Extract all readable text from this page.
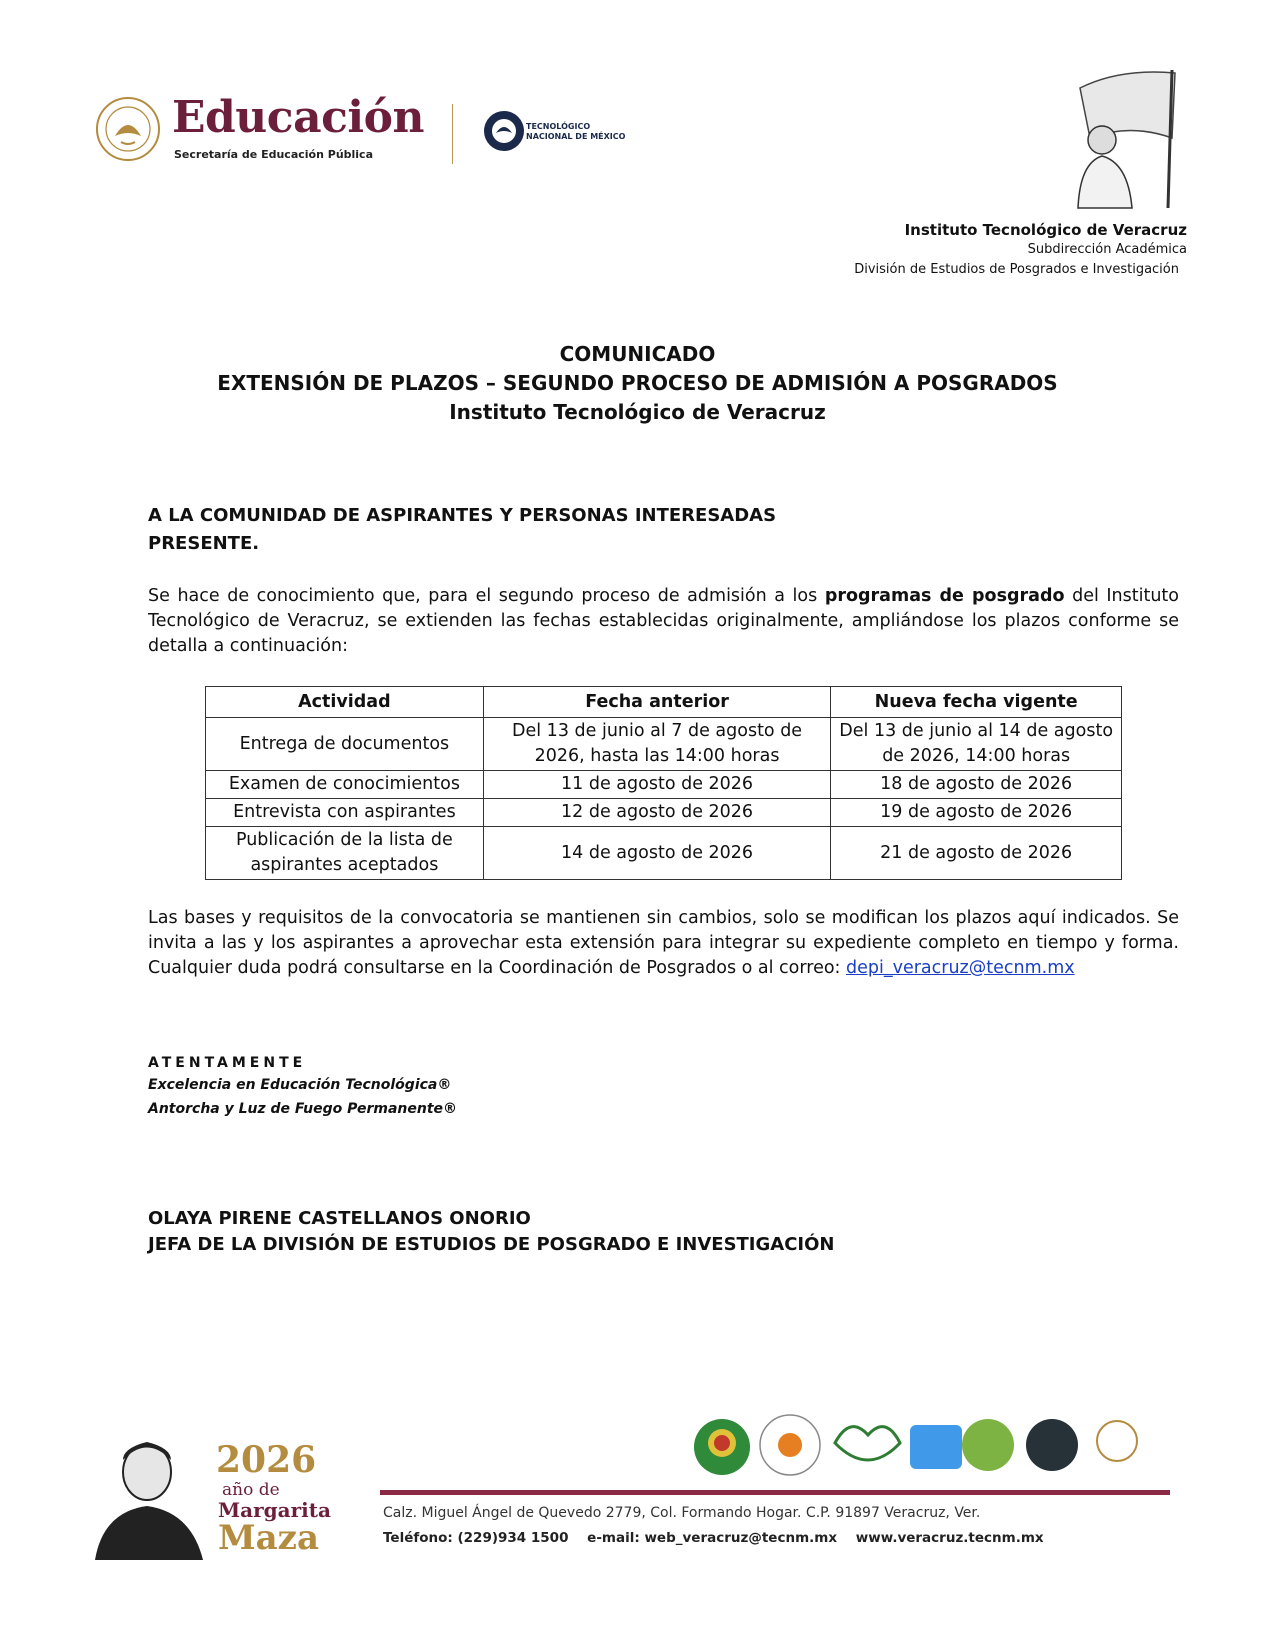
Educación
Secretaría de Educación Pública
TECNOLÓGICO
NACIONAL DE MÉXICO
Instituto Tecnológico de Veracruz
Subdirección Académica
División de Estudios de Posgrados e Investigación
COMUNICADO
EXTENSIÓN DE PLAZOS – SEGUNDO PROCESO DE ADMISIÓN A POSGRADOS
Instituto Tecnológico de Veracruz
A LA COMUNIDAD DE ASPIRANTES Y PERSONAS INTERESADAS
PRESENTE.
Se hace de conocimiento que, para el segundo proceso de admisión a los programas de posgrado del Instituto Tecnológico de Veracruz, se extienden las fechas establecidas originalmente, ampliándose los plazos conforme se detalla a continuación:
Actividad	Fecha anterior	Nueva fecha vigente
Entrega de documentos	Del 13 de junio al 7 de agosto de 2026, hasta las 14:00 horas	Del 13 de junio al 14 de agosto de 2026, 14:00 horas
Examen de conocimientos	11 de agosto de 2026	18 de agosto de 2026
Entrevista con aspirantes	12 de agosto de 2026	19 de agosto de 2026
Publicación de la lista de aspirantes aceptados	14 de agosto de 2026	21 de agosto de 2026
Las bases y requisitos de la convocatoria se mantienen sin cambios, solo se modifican los plazos aquí indicados. Se invita a las y los aspirantes a aprovechar esta extensión para integrar su expediente completo en tiempo y forma. Cualquier duda podrá consultarse en la Coordinación de Posgrados o al correo: depi_veracruz@tecnm.mx
ATENTAMENTE
Excelencia en Educación Tecnológica®
Antorcha y Luz de Fuego Permanente®
OLAYA PIRENE CASTELLANOS ONORIO
JEFA DE LA DIVISIÓN DE ESTUDIOS DE POSGRADO E INVESTIGACIÓN
2026
año de
Margarita
Maza
Calz. Miguel Ángel de Quevedo 2779, Col. Formando Hogar. C.P. 91897 Veracruz, Ver.
Teléfono: (229)934 1500 e-mail: web_veracruz@tecnm.mx www.veracruz.tecnm.mx
